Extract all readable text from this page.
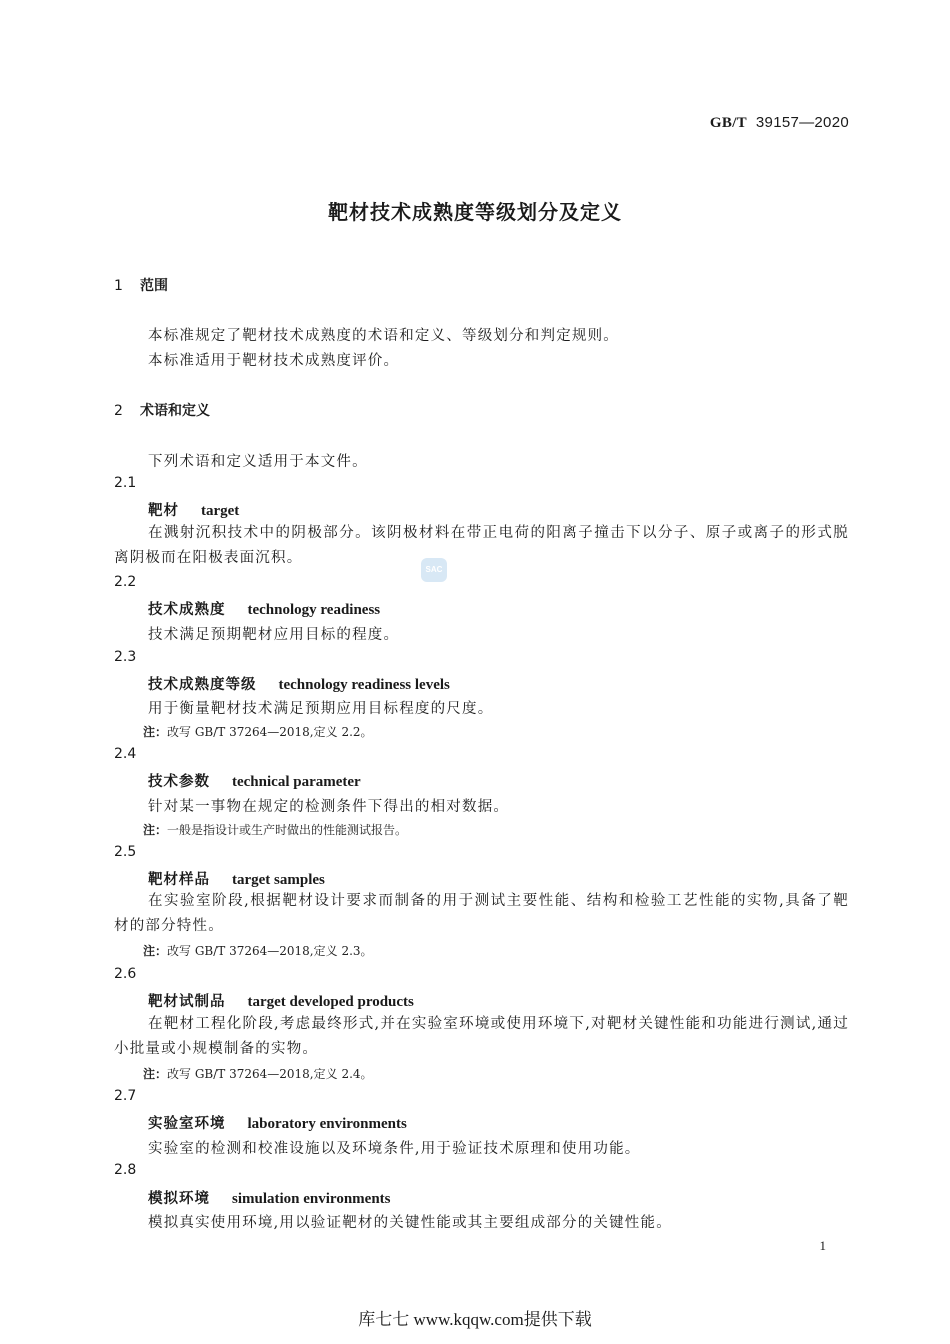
GB/T 39157—2020
靶材技术成熟度等级划分及定义
1 范围
本标准规定了靶材技术成熟度的术语和定义、等级划分和判定规则。
本标准适用于靶材技术成熟度评价。
2 术语和定义
下列术语和定义适用于本文件。
2.1
靶材 target
在溅射沉积技术中的阴极部分。该阴极材料在带正电荷的阳离子撞击下以分子、原子或离子的形式脱离阴极而在阳极表面沉积。
SAC
2.2
技术成熟度 technology readiness
技术满足预期靶材应用目标的程度。
2.3
技术成熟度等级 technology readiness levels
用于衡量靶材技术满足预期应用目标程度的尺度。
注：改写 GB/T 37264—2018,定义 2.2。
2.4
技术参数 technical parameter
针对某一事物在规定的检测条件下得出的相对数据。
注：一般是指设计或生产时做出的性能测试报告。
2.5
靶材样品 target samples
在实验室阶段,根据靶材设计要求而制备的用于测试主要性能、结构和检验工艺性能的实物,具备了靶材的部分特性。
注：改写 GB/T 37264—2018,定义 2.3。
2.6
靶材试制品 target developed products
在靶材工程化阶段,考虑最终形式,并在实验室环境或使用环境下,对靶材关键性能和功能进行测试,通过小批量或小规模制备的实物。
注：改写 GB/T 37264—2018,定义 2.4。
2.7
实验室环境 laboratory environments
实验室的检测和校准设施以及环境条件,用于验证技术原理和使用功能。
2.8
模拟环境 simulation environments
模拟真实使用环境,用以验证靶材的关键性能或其主要组成部分的关键性能。
1
库七七 www.kqqw.com提供下载
